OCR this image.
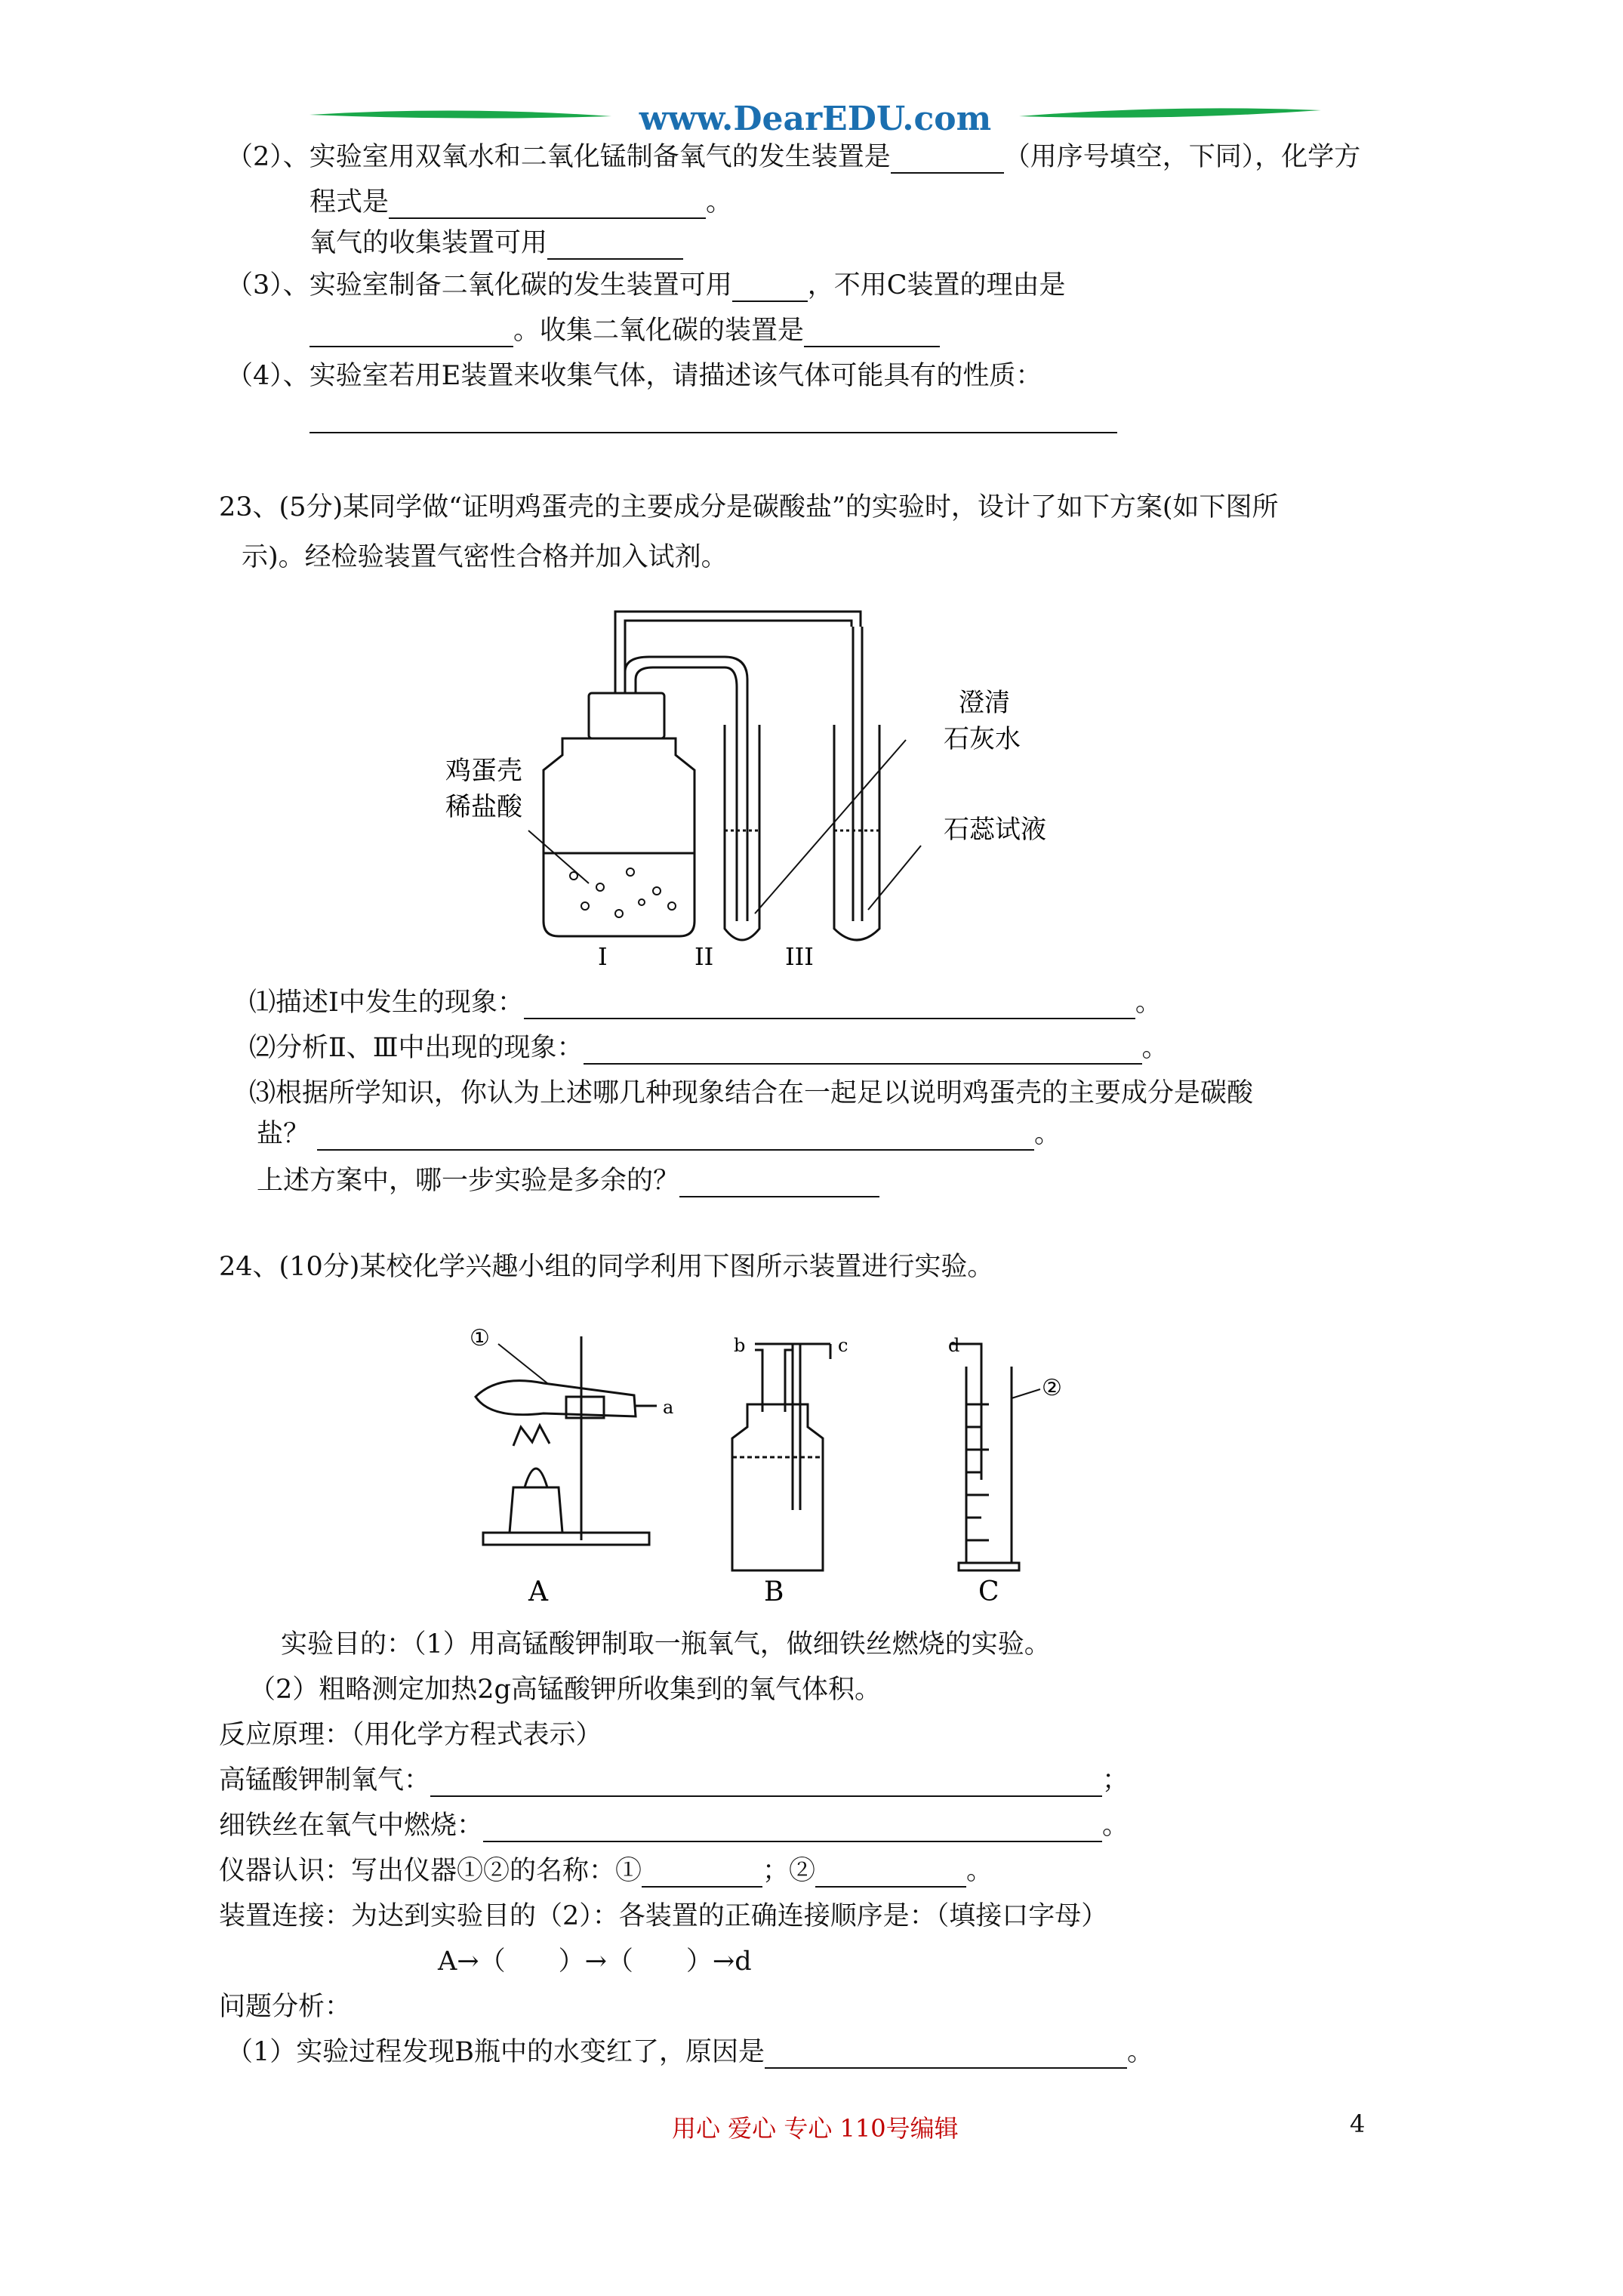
www.DearEDU.com
（2）、实验室用双氧水和二氧化锰制备氧气的发生装置是	（用序号填空，下同），化学方
程式是	。
氧气的收集装置可用
（3）、实验室制备二氧化碳的发生装置可用	，不用C装置的理由是
。收集二氧化碳的装置是
（4）、实验室若用E装置来收集气体，请描述该气体可能具有的性质：
23、(5分)某同学做“证明鸡蛋壳的主要成分是碳酸盐”的实验时，设计了如下方案(如下图所
示)。经检验装置气密性合格并加入试剂。
鸡蛋壳
稀盐酸
澄清
石灰水
石蕊试液
I	II	III
⑴描述Ⅰ中发生的现象：	。
⑵分析Ⅱ、Ⅲ中出现的现象：	。
⑶根据所学知识，你认为上述哪几种现象结合在一起足以说明鸡蛋壳的主要成分是碳酸
盐？	。
上述方案中，哪一步实验是多余的？
24、(10分)某校化学兴趣小组的同学利用下图所示装置进行实验。
①
a
A
b	c
B
d
②
C
实验目的：（1）用高锰酸钾制取一瓶氧气，做细铁丝燃烧的实验。
（2）粗略测定加热2g高锰酸钾所收集到的氧气体积。
反应原理：（用化学方程式表示）
高锰酸钾制氧气：	；
细铁丝在氧气中燃烧：	。
仪器认识：写出仪器①②的名称：①	；②	。
装置连接：为达到实验目的（2）：各装置的正确连接顺序是：（填接口字母）
A→（　　）→（　　）→d
问题分析：
（1）实验过程发现B瓶中的水变红了，原因是	。
用心 爱心 专心 110号编辑	4
